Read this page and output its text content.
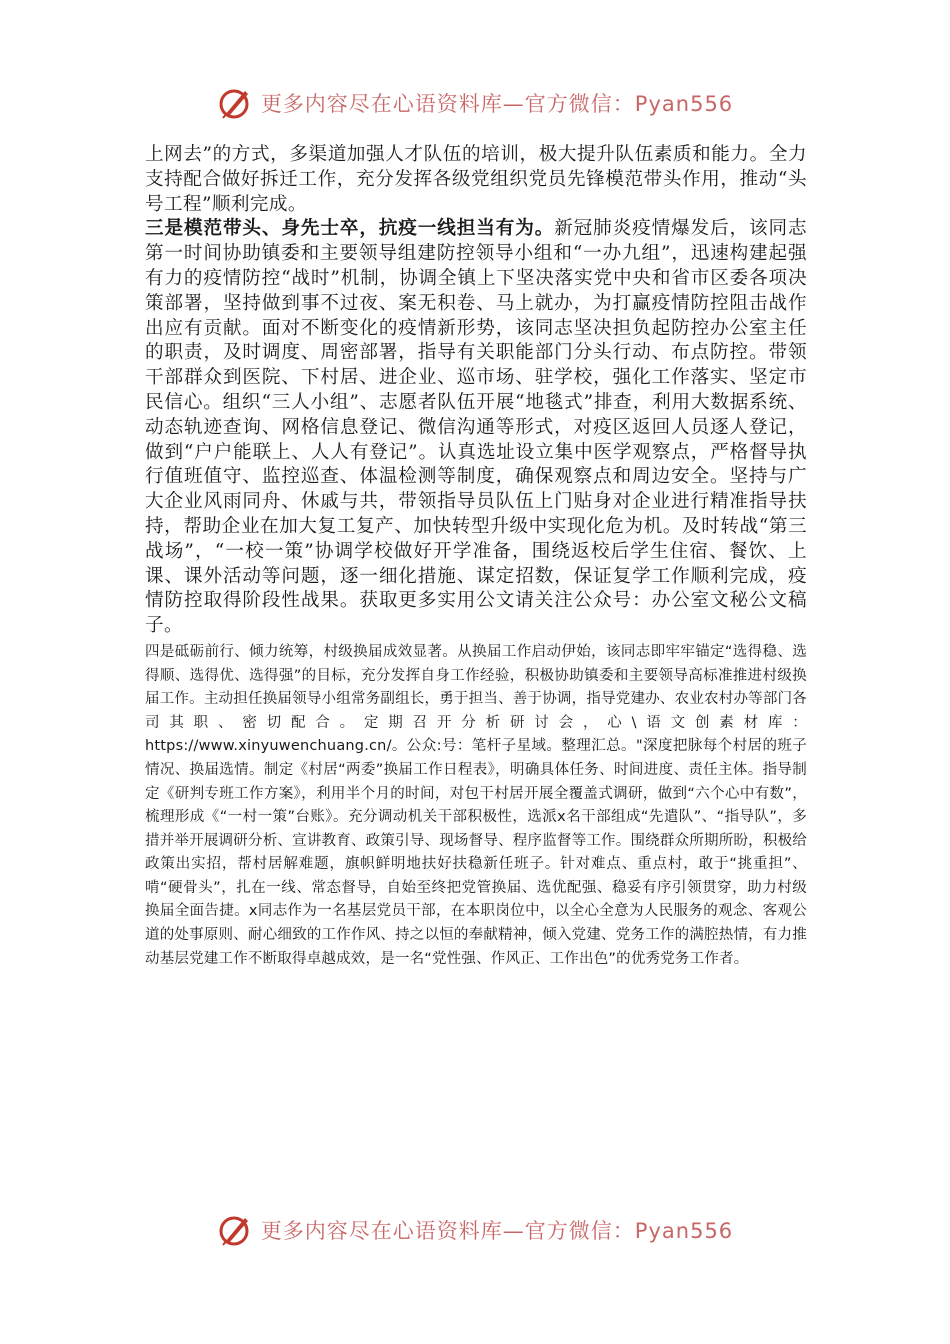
更多内容尽在心语资料库—官方微信：Pyan556

上网去”的方式，多渠道加强人才队伍的培训，极大提升队伍素质和能力。全力支持配合做好拆迁工作，充分发挥各级党组织党员先锋模范带头作用，推动“头号工程”顺利完成。

三是模范带头、身先士卒，抗疫一线担当有为。新冠肺炎疫情爆发后，该同志第一时间协助镇委和主要领导组建防控领导小组和“一办九组”，迅速构建起强有力的疫情防控“战时”机制，协调全镇上下坚决落实党中央和省市区委各项决策部署，坚持做到事不过夜、案无积卷、马上就办，为打赢疫情防控阻击战作出应有贡献。面对不断变化的疫情新形势，该同志坚决担负起防控办公室主任的职责，及时调度、周密部署，指导有关职能部门分头行动、布点防控。带领干部群众到医院、下村居、进企业、巡市场、驻学校，强化工作落实、坚定市民信心。组织“三人小组”、志愿者队伍开展“地毯式”排查，利用大数据系统、动态轨迹查询、网格信息登记、微信沟通等形式，对疫区返回人员逐人登记，做到“户户能联上、人人有登记”。认真选址设立集中医学观察点，严格督导执行值班值守、监控巡查、体温检测等制度，确保观察点和周边安全。坚持与广大企业风雨同舟、休戚与共，带领指导员队伍上门贴身对企业进行精准指导扶持，帮助企业在加大复工复产、加快转型升级中实现化危为机。及时转战“第三战场”，“一校一策”协调学校做好开学准备，围绕返校后学生住宿、餐饮、上课、课外活动等问题，逐一细化措施、谋定招数，保证复学工作顺利完成，疫情防控取得阶段性战果。获取更多实用公文请关注公众号：办公室文秘公文稿子。

四是砥砺前行、倾力统筹，村级换届成效显著。从换届工作启动伊始，该同志即牢牢锚定“选得稳、选得顺、选得优、选得强”的目标，充分发挥自身工作经验，积极协助镇委和主要领导高标准推进村级换届工作。主动担任换届领导小组常务副组长，勇于担当、善于协调，指导党建办、农业农村办等部门各司其职、密切配合。定期召开分析研讨会，心\语文创素材库：https://www.xinyuwenchuang.cn/。公众:号：笔杆子星域。整理汇总。"深度把脉每个村居的班子情况、换届选情。制定《村居“两委”换届工作日程表》，明确具体任务、时间进度、责任主体。指导制定《研判专班工作方案》，利用半个月的时间，对包干村居开展全覆盖式调研，做到“六个心中有数”，梳理形成《“一村一策”台账》。充分调动机关干部积极性，选派x名干部组成“先遣队”、“指导队”，多措并举开展调研分析、宣讲教育、政策引导、现场督导、程序监督等工作。围绕群众所期所盼，积极给政策出实招，帮村居解难题，旗帜鲜明地扶好扶稳新任班子。针对难点、重点村，敢于“挑重担”、啃“硬骨头”，扎在一线、常态督导，自始至终把党管换届、选优配强、稳妥有序引领贯穿，助力村级换届全面告捷。x同志作为一名基层党员干部，在本职岗位中，以全心全意为人民服务的观念、客观公道的处事原则、耐心细致的工作作风、持之以恒的奉献精神，倾入党建、党务工作的满腔热情，有力推动基层党建工作不断取得卓越成效，是一名“党性强、作风正、工作出色”的优秀党务工作者。

更多内容尽在心语资料库—官方微信：Pyan556
